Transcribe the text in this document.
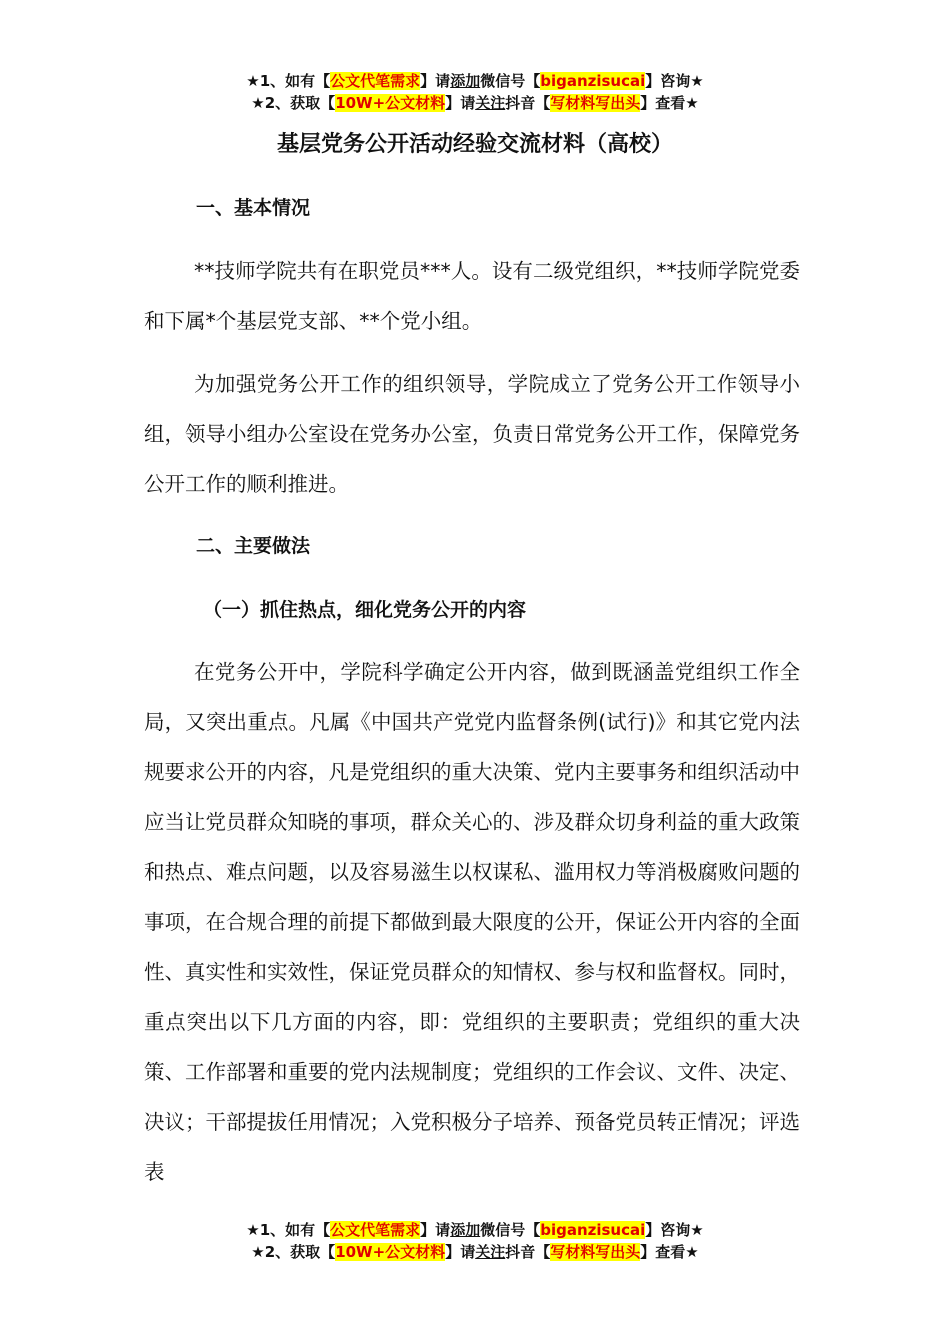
★1、如有【公文代笔需求】请添加微信号【biganzisucai】咨询★
★2、获取【10W+公文材料】请关注抖音【写材料写出头】查看★
基层党务公开活动经验交流材料（高校）
一、基本情况

**技师学院共有在职党员***人。设有二级党组织，**技师学院党委和下属*个基层党支部、**个党小组。

为加强党务公开工作的组织领导，学院成立了党务公开工作领导小组，领导小组办公室设在党务办公室，负责日常党务公开工作，保障党务公开工作的顺利推进。

二、主要做法
（一）抓住热点，细化党务公开的内容

在党务公开中，学院科学确定公开内容，做到既涵盖党组织工作全局，又突出重点。凡属《中国共产党党内监督条例(试行)》和其它党内法规要求公开的内容，凡是党组织的重大决策、党内主要事务和组织活动中应当让党员群众知晓的事项，群众关心的、涉及群众切身利益的重大政策和热点、难点问题，以及容易滋生以权谋私、滥用权力等消极腐败问题的事项，在合规合理的前提下都做到最大限度的公开，保证公开内容的全面性、真实性和实效性，保证党员群众的知情权、参与权和监督权。同时，重点突出以下几方面的内容，即：党组织的主要职责；党组织的重大决策、工作部署和重要的党内法规制度；党组织的工作会议、文件、决定、决议；干部提拔任用情况；入党积极分子培养、预备党员转正情况；评选表

★1、如有【公文代笔需求】请添加微信号【biganzisucai】咨询★
★2、获取【10W+公文材料】请关注抖音【写材料写出头】查看★
